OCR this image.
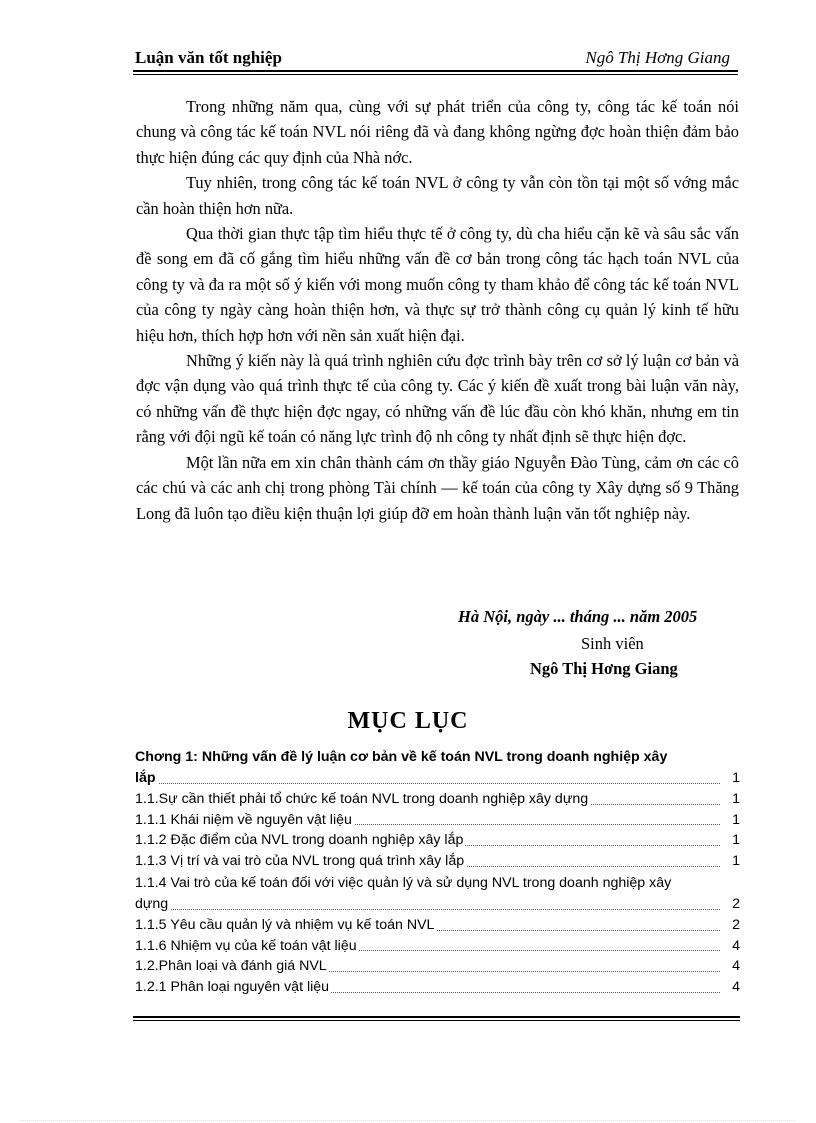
Luận văn tốt nghiệp	Ngô Thị Hơng Giang

Trong những năm qua, cùng với sự phát triển của công ty, công tác kế toán nói chung và công tác kế toán NVL nói riêng đã và đang không ngừng đợc hoàn thiện đảm bảo thực hiện đúng các quy định của Nhà nớc.

Tuy nhiên, trong công tác kế toán NVL ở công ty vẫn còn tồn tại một số vớng mắc cần hoàn thiện hơn nữa.

Qua thời gian thực tập tìm hiểu thực tế ở công ty, dù cha hiểu cặn kẽ và sâu sắc vấn đề song em đã cố gắng tìm hiểu những vấn đề cơ bản trong công tác hạch toán NVL của công ty và đa ra một số ý kiến với mong muốn công ty tham khảo để công tác kế toán NVL của công ty ngày càng hoàn thiện hơn, và thực sự trở thành công cụ quản lý kinh tế hữu hiệu hơn, thích hợp hơn với nền sản xuất hiện đại.

Những ý kiến này là quá trình nghiên cứu đợc trình bày trên cơ sở lý luận cơ bản và đợc vận dụng vào quá trình thực tế của công ty. Các ý kiến đề xuất trong bài luận văn này, có những vấn đề thực hiện đợc ngay, có những vấn đề lúc đầu còn khó khăn, nhưng em tin rằng với đội ngũ kế toán có năng lực trình độ nh công ty nhất định sẽ thực hiện đợc.

Một lần nữa em xin chân thành cám ơn thầy giáo Nguyễn Đào Tùng, cảm ơn các cô các chú và các anh chị trong phòng Tài chính — kế toán của công ty Xây dựng số 9 Thăng Long đã luôn tạo điều kiện thuận lợi giúp đỡ em hoàn thành luận văn tốt nghiệp này.

Hà Nội, ngày ... tháng ... năm 2005
Sinh viên
Ngô Thị Hơng Giang
MỤC LỤC
Chơng 1: Những vấn đề lý luận cơ bản về kế toán NVL trong doanh nghiệp xây
lắp	1
1.1.Sự cần thiết phải tổ chức kế toán NVL trong doanh nghiệp xây dựng	1
1.1.1 Khái niệm về nguyên vật liệu	1
1.1.2 Đặc điểm của NVL trong doanh nghiệp xây lắp	1
1.1.3 Vị trí và vai trò của NVL trong quá trình xây lắp	1
1.1.4 Vai trò của kế toán đối với việc quản lý và sử dụng NVL trong doanh nghiệp xây
dựng	2
1.1.5 Yêu cầu quản lý và nhiệm vụ kế toán NVL	2
1.1.6 Nhiệm vụ của kế toán vật liệu	4
1.2.Phân loại và đánh giá NVL	4
1.2.1 Phân loại nguyên vật liệu	4
